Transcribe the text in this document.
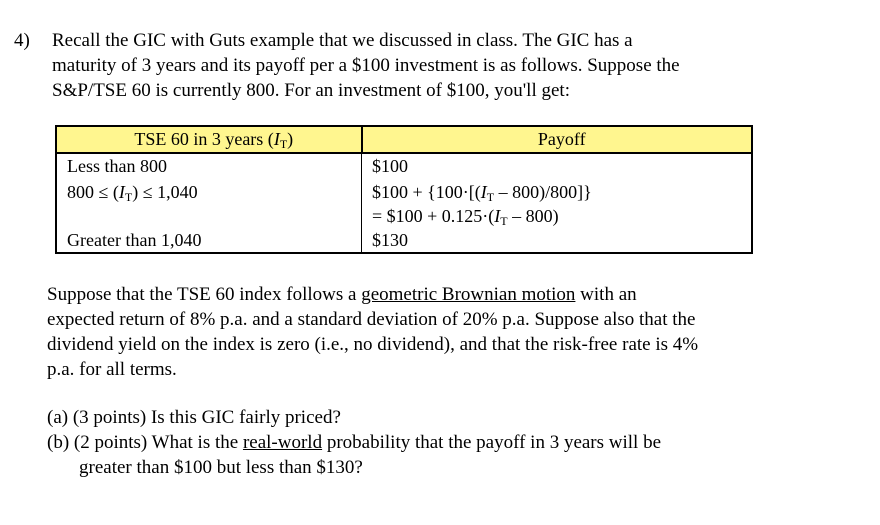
4) Recall the GIC with Guts example that we discussed in class. The GIC has a
maturity of 3 years and its payoff per a $100 investment is as follows. Suppose the
S&P/TSE 60 is currently 800. For an investment of $100, you'll get:
TSE 60 in 3 years $(I_T)$	Payoff
Less than 800	$100
$800 \le (I_T) \le 1,040$	$100 + $\{100\cdot[(I_T - 800)/800]\}$
= $100 + $0.125\cdot(I_T - 800)$

Greater than 1,040	$130
Suppose that the TSE 60 index follows a geometric Brownian motion with an
expected return of 8% p.a. and a standard deviation of 20% p.a. Suppose also that the
dividend yield on the index is zero (i.e., no dividend), and that the risk-free rate is 4%
p.a. for all terms.
(a) (3 points) Is this GIC fairly priced?
(b) (2 points) What is the real-world probability that the payoff in 3 years will be
greater than $100 but less than $130?
